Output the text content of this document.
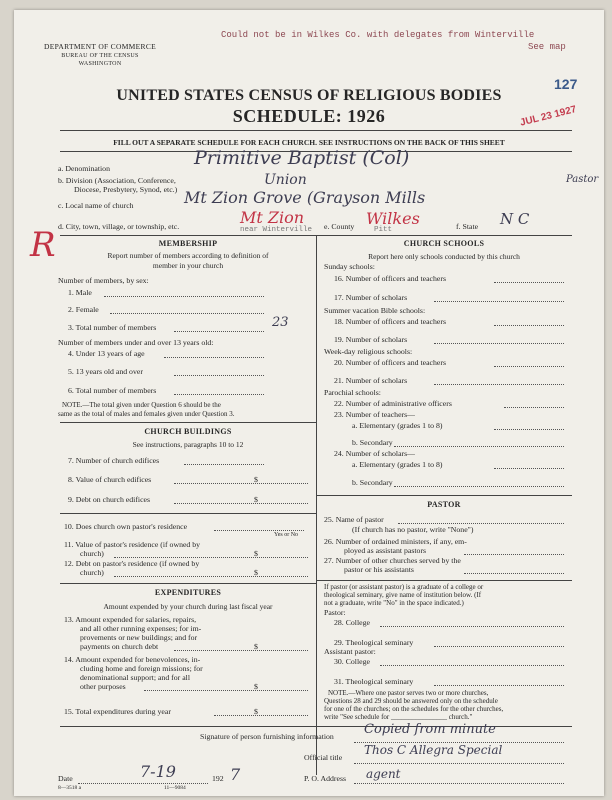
DEPARTMENT OF COMMERCE
BUREAU OF THE CENSUS
WASHINGTON
Could not be in Wilkes Co. with delegates from Winterville
See map
127
JUL 23 1927
UNITED STATES CENSUS OF RELIGIOUS BODIES
SCHEDULE: 1926
FILL OUT A SEPARATE SCHEDULE FOR EACH CHURCH. SEE INSTRUCTIONS ON THE BACK OF THIS SHEET
a. Denomination	Primitive Baptist (Col)
b. Division (Association, Conference,
Diocese, Presbytery, Synod, etc.)
Union
c. Local name of church	Mt Zion Grove (Grayson Mills
Pastor
d. City, town, village, or township, etc.	Mt Zion
near Winterville e. County Wilkes
Pitt	f. State N C
R	MEMBERSHIP
Report number of members according to definition of
member in your church
Number of members, by sex:
1. Male
2. Female
3. Total number of members	23
Number of members under and over 13 years old:
4. Under 13 years of age
5. 13 years old and over
6. Total number of members
NOTE.—The total given under Question 6 should be the
same as the total of males and females given under Question 3.
CHURCH BUILDINGS
See instructions, paragraphs 10 to 12
7. Number of church edifices
8. Value of church edifices	$
9. Debt on church edifices	$
10. Does church own pastor's residence
Yes or No
11. Value of pastor's residence (if owned by
church)	$
12. Debt on pastor's residence (if owned by
church)	$
EXPENDITURES
Amount expended by your church during last fiscal year
13. Amount expended for salaries, repairs,
and all other running expenses; for im-
provements or new buildings; and for
payments on church debt	$
14. Amount expended for benevolences, in-
cluding home and foreign missions; for
denominational support; and for all
other purposes	$
15. Total expenditures during year	$
CHURCH SCHOOLS
Report here only schools conducted by this church
Sunday schools:
16. Number of officers and teachers
17. Number of scholars
Summer vacation Bible schools:
18. Number of officers and teachers
19. Number of scholars
Week-day religious schools:
20. Number of officers and teachers
21. Number of scholars
Parochial schools:
22. Number of administrative officers
23. Number of teachers—
a. Elementary (grades 1 to 8)
b. Secondary
24. Number of scholars—
a. Elementary (grades 1 to 8)
b. Secondary
PASTOR
25. Name of pastor
(If church has no pastor, write "None")
26. Number of ordained ministers, if any, em-
ployed as assistant pastors
27. Number of other churches served by the
pastor or his assistants
If pastor (or assistant pastor) is a graduate of a college or
theological seminary, give name of institution below. (If
not a graduate, write "No" in the space indicated.)
Pastor:
28. College
29. Theological seminary
Assistant pastor:
30. College
31. Theological seminary
NOTE.—Where one pastor serves two or more churches,
Questions 28 and 29 should be answered only on the schedule
for one of the churches; on the schedules for the other churches,
write "See schedule for ________________ church."
Signature of person furnishing information Copied from minute
Official title
Thos C Allegra Special
Date	7-19	192 7	P. O. Address agent
8—3518 a	11—9084
